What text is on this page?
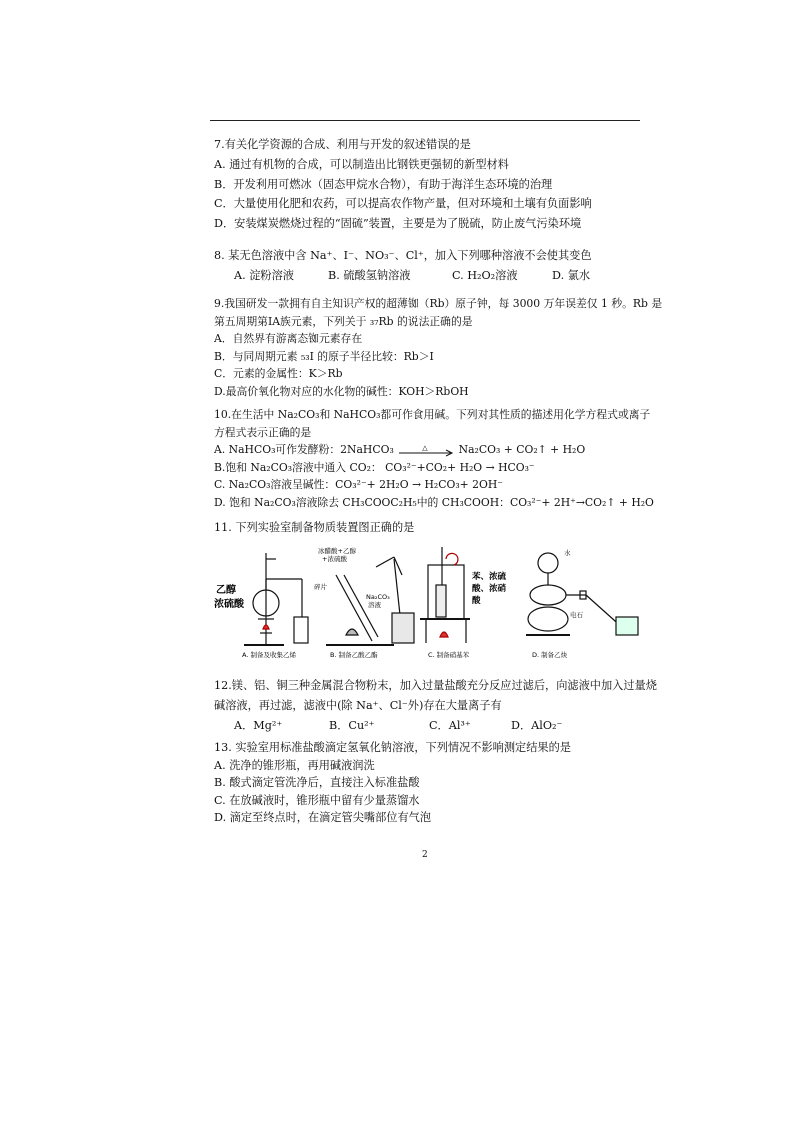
7.有关化学资源的合成、利用与开发的叙述错误的是
A. 通过有机物的合成，可以制造出比钢铁更强韧的新型材料
B．开发利用可燃冰（固态甲烷水合物），有助于海洋生态环境的治理
C．大量使用化肥和农药，可以提高农作物产量，但对环境和土壤有负面影响
D．安装煤炭燃烧过程的“固硫”装置，主要是为了脱硫，防止废气污染环境
8. 某无色溶液中含 Na⁺、I⁻、NO₃⁻、Cl⁺，加入下列哪种溶液不会使其变色
A. 淀粉溶液	B. 硫酸氢钠溶液	C. H₂O₂溶液	D. 氯水
9.我国研发一款拥有自主知识产权的超薄铷（Rb）原子钟，每 3000 万年误差仅 1 秒。Rb 是
第五周期第ⅠA族元素，下列关于 ₃₇Rb 的说法正确的是
A．自然界有游离态铷元素存在
B．与同周期元素 ₅₃I 的原子半径比较：Rb＞I
C．元素的金属性：K＞Rb
D.最高价氧化物对应的水化物的碱性：KOH＞RbOH
10.在生活中 Na₂CO₃和 NaHCO₃都可作食用碱。下列对其性质的描述用化学方程式或离子
方程式表示正确的是
A. NaHCO₃可作发酵粉：2NaHCO₃	△	Na₂CO₃ + CO₂↑ + H₂O
B.饱和 Na₂CO₃溶液中通入 CO₂： CO₃²⁻+CO₂+ H₂O → HCO₃⁻
C. Na₂CO₃溶液呈碱性：CO₃²⁻+ 2H₂O → H₂CO₃+ 2OH⁻
D. 饱和 Na₂CO₃溶液除去 CH₃COOC₂H₅中的 CH₃COOH：CO₃²⁻+ 2H⁺→CO₂↑ + H₂O
11. 下列实验室制备物质装置图正确的是
乙醇
浓硫酸
A. 制备及收集乙烯
冰醋酸+乙醇
+浓硫酸
碎片
Na₂CO₃
溶液
B. 制备乙酸乙酯
苯、浓硫
酸、浓硝
酸
C. 制备硝基苯
水
电石
D. 制备乙炔
12.镁、铝、铜三种金属混合物粉末，加入过量盐酸充分反应过滤后，向滤液中加入过量烧
碱溶液，再过滤，滤液中(除 Na⁺、Cl⁻外)存在大量离子有
A．Mg²⁺	B．Cu²⁺	C．Al³⁺	D．AlO₂⁻
13. 实验室用标准盐酸滴定氢氧化钠溶液，下列情况不影响测定结果的是
A. 洗净的锥形瓶，再用碱液润洗
B. 酸式滴定管洗净后，直接注入标准盐酸
C. 在放碱液时，锥形瓶中留有少量蒸馏水
D. 滴定至终点时，在滴定管尖嘴部位有气泡
2
